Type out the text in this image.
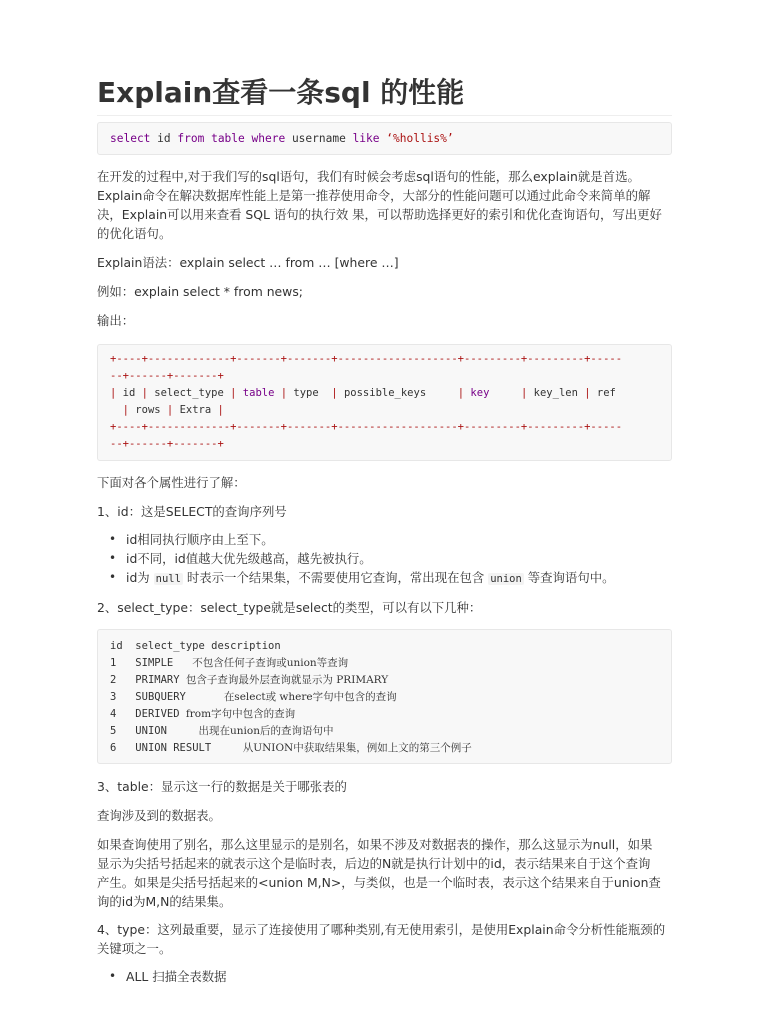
Explain查看一条sql 的性能
select id from table where username like ‘%hollis%’
在开发的过程中,对于我们写的sql语句，我们有时候会考虑sql语句的性能，那么explain就是首选。
Explain命令在解决数据库性能上是第一推荐使用命令，大部分的性能问题可以通过此命令来简单的解
决，Explain可以用来查看 SQL 语句的执行效 果，可以帮助选择更好的索引和优化查询语句，写出更好
的优化语句。
Explain语法：explain select … from … [where …]
例如：explain select * from news;
输出：
+----+-------------+-------+-------+-------------------+---------+---------+-----
--+------+-------+
| id | select_type | table | type  | possible_keys     | key     | key_len | ref
| rows | Extra |
+----+-------------+-------+-------+-------------------+---------+---------+-----
--+------+-------+
下面对各个属性进行了解：
1、id：这是SELECT的查询序列号
• id相同执行顺序由上至下。
• id不同，id值越大优先级越高，越先被执行。
• id为 null 时表示一个结果集，不需要使用它查询，常出现在包含 union 等查询语句中。
2、select_type：select_type就是select的类型，可以有以下几种：
id  select_type description
1 SIMPLE 不包含任何子查询或union等查询
2 PRIMARY 包含子查询最外层查询就显示为 PRIMARY
3 SUBQUERY	在select或 where字句中包含的查询
4 DERIVED from字句中包含的查询
5 UNION	出现在union后的查询语句中
6 UNION RESULT	从UNION中获取结果集，例如上文的第三个例子
3、table：显示这一行的数据是关于哪张表的
查询涉及到的数据表。
如果查询使用了别名，那么这里显示的是别名，如果不涉及对数据表的操作，那么这显示为null，如果
显示为尖括号括起来的就表示这个是临时表，后边的N就是执行计划中的id，表示结果来自于这个查询
产生。如果是尖括号括起来的<union M,N>，与类似，也是一个临时表，表示这个结果来自于union查
询的id为M,N的结果集。
4、type：这列最重要，显示了连接使用了哪种类别,有无使用索引，是使用Explain命令分析性能瓶颈的
关键项之一。
• ALL 扫描全表数据
